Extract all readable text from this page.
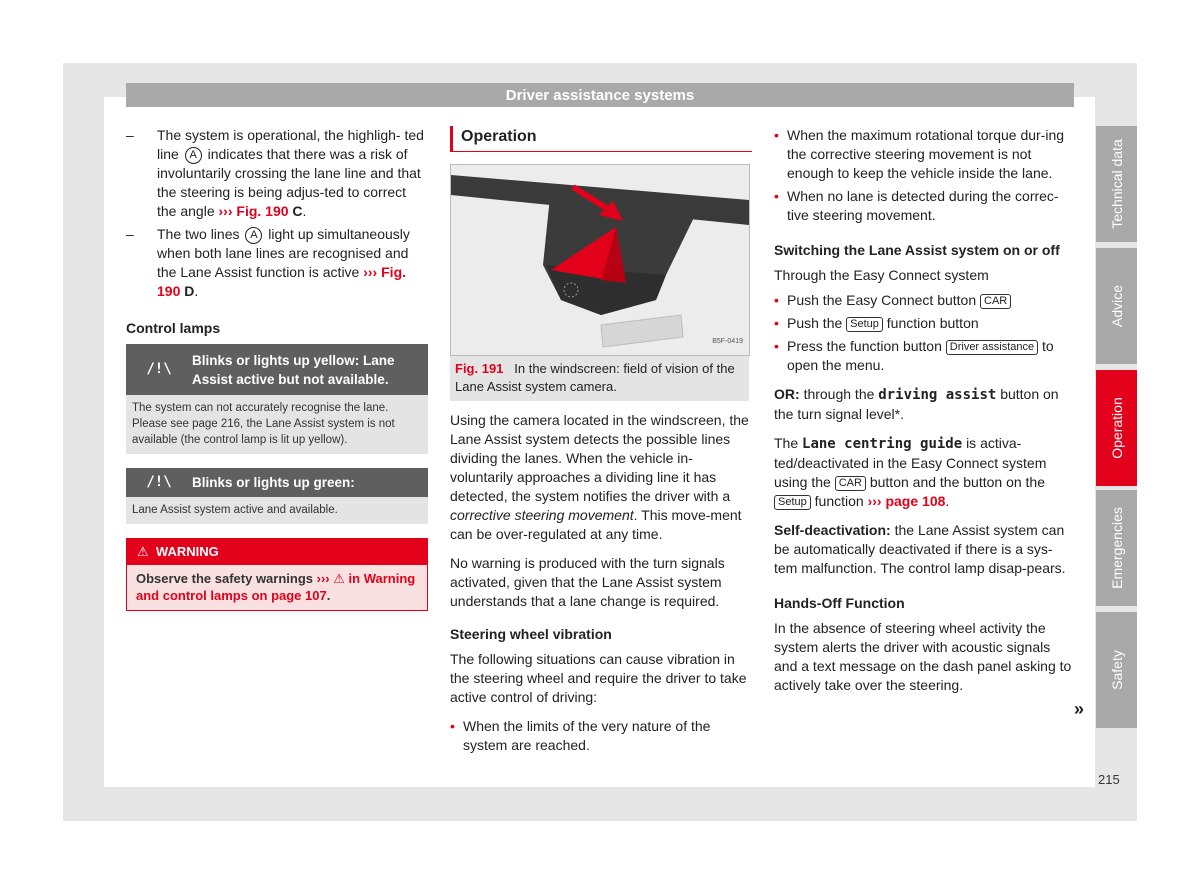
Driver assistance systems
–	The system is operational, the highligh- ted line A indicates that there was a risk of involuntarily crossing the lane line and that the steering is being adjus-ted to correct the angle ››› Fig. 190 C.
–	The two lines A light up simultaneously when both lane lines are recognised and the Lane Assist function is active ››› Fig. 190 D.
Control lamps
/!\
Blinks or lights up yellow: Lane Assist active but not available.
The system can not accurately recognise the lane. Please see page 216, the Lane Assist system is not available (the control lamp is lit up yellow).
/!\	Blinks or lights up green:
Lane Assist system active and available.
⚠ WARNING
Observe the safety warnings ››› ⚠ in Warning and control lamps on page 107.
Operation
B5F-0419
Fig. 191 In the windscreen: field of vision of the Lane Assist system camera.

Using the camera located in the windscreen, the Lane Assist system detects the possible lines dividing the lanes. When the vehicle in-voluntarily approaches a dividing line it has detected, the system notifies the driver with a corrective steering movement. This move-ment can be over-regulated at any time.

No warning is produced with the turn signals activated, given that the Lane Assist system understands that a lane change is required.

Steering wheel vibration

The following situations can cause vibration in the steering wheel and require the driver to take active control of driving:

• When the limits of the very nature of the system are reached.
• When the maximum rotational torque dur-ing the corrective steering movement is not enough to keep the vehicle inside the lane.
• When no lane is detected during the correc-tive steering movement.
Switching the Lane Assist system on or off

Through the Easy Connect system

• Push the Easy Connect button CAR
• Push the Setup function button
• Press the function button Driver assistance to open the menu.

OR: through the driving assist button on the turn signal level*.

The Lane centring guide is activa-ted/deactivated in the Easy Connect system using the CAR button and the button on the Setup function ››› page 108.

Self-deactivation: the Lane Assist system can be automatically deactivated if there is a sys-tem malfunction. The control lamp disap-pears.

Hands-Off Function

In the absence of steering wheel activity the system alerts the driver with acoustic signals and a text message on the dash panel asking to actively take over the steering.

»
Technical data
Advice
Operation
Emergencies
Safety
215
